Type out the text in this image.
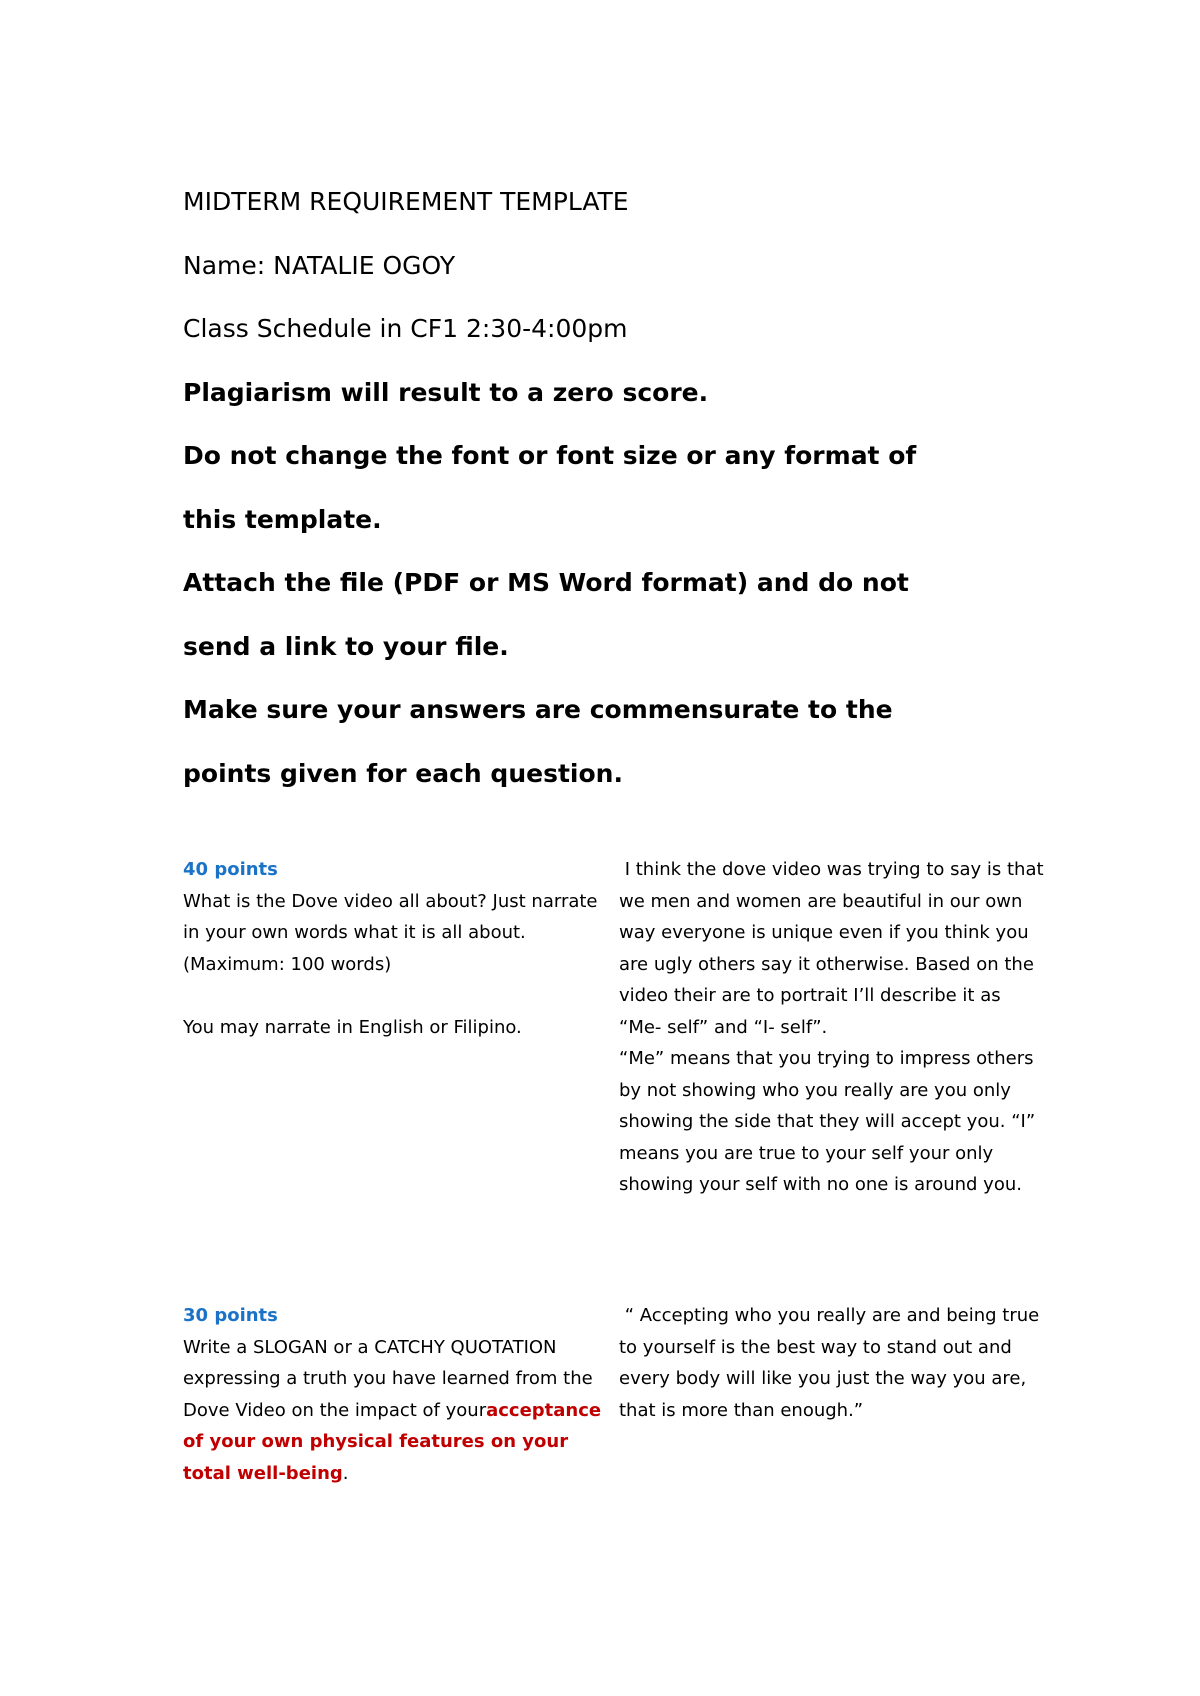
MIDTERM REQUIREMENT TEMPLATE

Name: NATALIE OGOY

Class Schedule in CF1 2:30-4:00pm

Plagiarism will result to a zero score.

Do not change the font or font size or any format of

this template.

Attach the file (PDF or MS Word format) and do not

send a link to your file.

Make sure your answers are commensurate to the

points given for each question.

40 points
What is the Dove video all about? Just narrate
in your own words what it is all about.
(Maximum: 100 words)
You may narrate in English or Filipino.
I think the dove video was trying to say is that
we men and women are beautiful in our own
way everyone is unique even if you think you
are ugly others say it otherwise. Based on the
video their are to portrait I’ll describe it as
“Me- self” and “I- self”.
“Me” means that you trying to impress others
by not showing who you really are you only
showing the side that they will accept you. “I”
means you are true to your self your only
showing your self with no one is around you.
30 points
Write a SLOGAN or a CATCHY QUOTATION
expressing a truth you have learned from the
Dove Video on the impact of youracceptance
of your own physical features on your
total well-being.
“ Accepting who you really are and being true
to yourself is the best way to stand out and
every body will like you just the way you are,
that is more than enough.”
